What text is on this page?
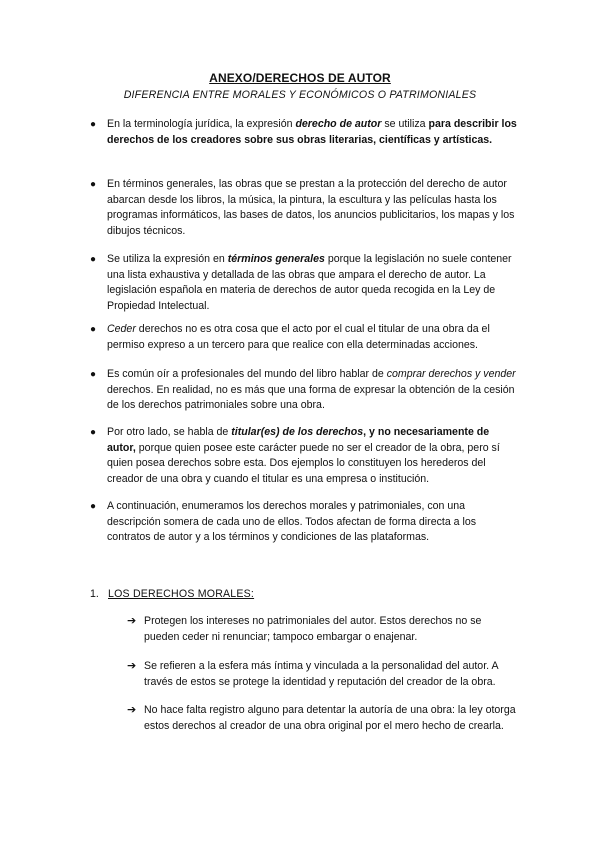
ANEXO/DERECHOS DE AUTOR
DIFERENCIA ENTRE MORALES Y ECONÓMICOS O PATRIMONIALES
● En la terminología jurídica, la expresión derecho de autor se utiliza para describir los derechos de los creadores sobre sus obras literarias, científicas y artísticas.
● En términos generales, las obras que se prestan a la protección del derecho de autor abarcan desde los libros, la música, la pintura, la escultura y las películas hasta los programas informáticos, las bases de datos, los anuncios publicitarios, los mapas y los dibujos técnicos.
● Se utiliza la expresión en términos generales porque la legislación no suele contener una lista exhaustiva y detallada de las obras que ampara el derecho de autor. La legislación española en materia de derechos de autor queda recogida en la Ley de Propiedad Intelectual.
● Ceder derechos no es otra cosa que el acto por el cual el titular de una obra da el permiso expreso a un tercero para que realice con ella determinadas acciones.
● Es común oír a profesionales del mundo del libro hablar de comprar derechos y vender derechos. En realidad, no es más que una forma de expresar la obtención de la cesión de los derechos patrimoniales sobre una obra.
● Por otro lado, se habla de titular(es) de los derechos, y no necesariamente de autor, porque quien posee este carácter puede no ser el creador de la obra, pero sí quien posea derechos sobre esta. Dos ejemplos lo constituyen los herederos del creador de una obra y cuando el titular es una empresa o institución.
● A continuación, enumeramos los derechos morales y patrimoniales, con una descripción somera de cada uno de ellos. Todos afectan de forma directa a los contratos de autor y a los términos y condiciones de las plataformas.
1. LOS DERECHOS MORALES:
➔ Protegen los intereses no patrimoniales del autor. Estos derechos no se pueden ceder ni renunciar; tampoco embargar o enajenar.
➔ Se refieren a la esfera más íntima y vinculada a la personalidad del autor. A través de estos se protege la identidad y reputación del creador de la obra.
➔ No hace falta registro alguno para detentar la autoría de una obra: la ley otorga estos derechos al creador de una obra original por el mero hecho de crearla.
